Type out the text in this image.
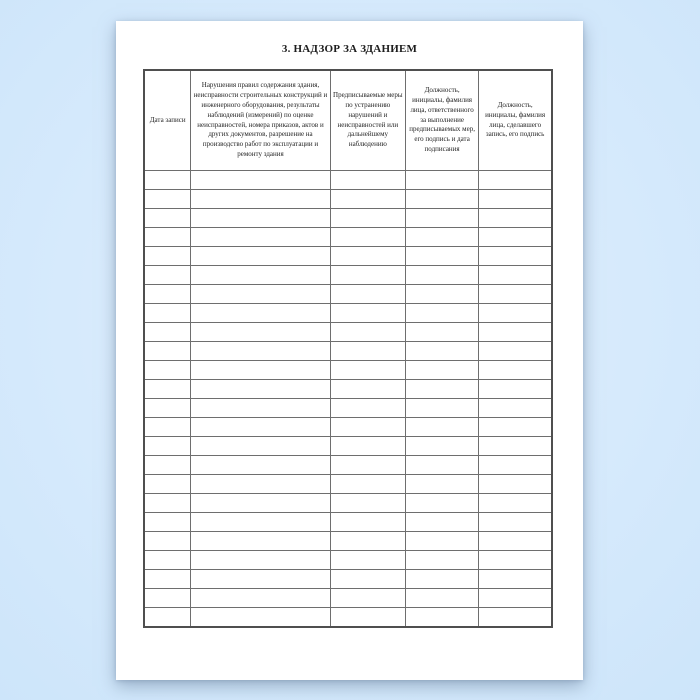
3. НАДЗОР ЗА ЗДАНИЕМ
Дата записи	Нарушения правил содержания здания, неисправности строительных конструкций и инженерного оборудования, результаты наблюдений (измерений) по оценке неисправностей, номера приказов, актов и других документов, разрешение на производство работ по эксплуатации и ремонту здания	Предписываемые меры по устранению нарушений и неисправностей или дальнейшему наблюдению	Должность, инициалы, фамилия лица, ответственного за выполнение предписываемых мер, его подпись и дата подписания	Должность, инициалы, фамилия лица, сделавшего запись, его подпись
